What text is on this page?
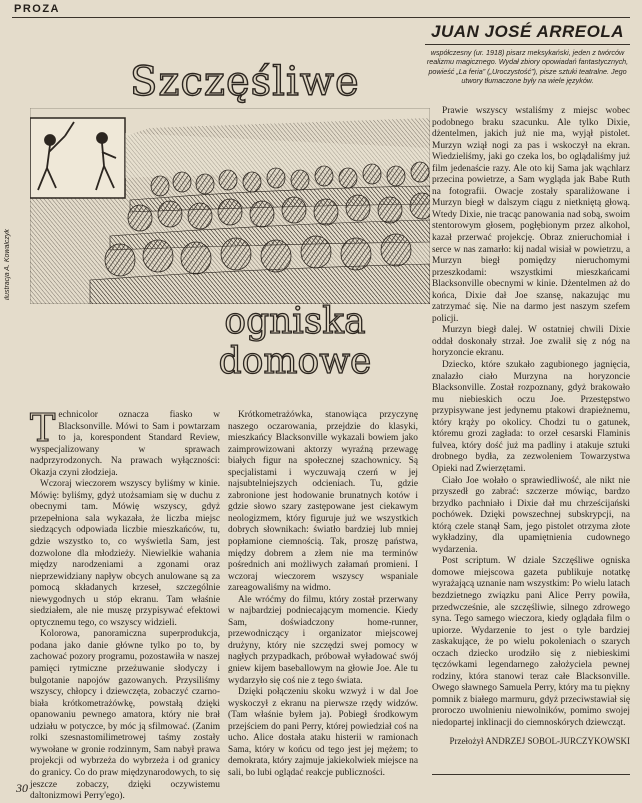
PROZA
JUAN JOSÉ ARREOLA
współczesny (ur. 1918) pisarz meksykański, jeden z twórców realizmu magicznego. Wydał zbiory opowiadań fantastycznych, powieść „La feria” („Uroczystość”), pisze sztuki teatralne. Jego utwory tłumaczone były na wiele języków.
Szczęśliwe
ilustracja A. Kowalczyk
ogniska domowe

Technicolor oznacza fiasko w Blacksonville. Mówi to Sam i powtarzam to ja, korespondent Standard Review, wyspecjalizowany w sprawach nadprzyrodzonych. Na prawach wyłączności: Okazja czyni złodzieja.

Wczoraj wieczorem wszyscy byliśmy w kinie. Mówię: byliśmy, gdyż utożsamiam się w duchu z obecnymi tam. Mówię wszyscy, gdyż przepełniona sala wykazała, że liczba miejsc siedzących odpowiada liczbie mieszkańców, tu, gdzie wszystko to, co wyświetla Sam, jest dozwolone dla młodzieży. Niewielkie wahania między narodzeniami a zgonami oraz nieprzewidziany napływ obcych anulowane są za pomocą składanych krzeseł, szczególnie niewygodnych u stóp ekranu. Tam właśnie siedziałem, ale nie muszę przypisywać efektowi optycznemu tego, co wszyscy widzieli.

Kolorowa, panoramiczna superprodukcja, podana jako danie główne tylko po to, by zachować pozory programu, pozostawiła w naszej pamięci rytmiczne przeżuwanie słodyczy i bulgotanie napojów gazowanych. Przysiliśmy wszyscy, chłopcy i dziewczęta, zobaczyć czarno-biała krótkometrażówkę, powstałą dzięki opanowaniu pewnego amatora, który nie brał udziału w potyczce, by móc ją sfilmować. (Zanim rolki szesnastomilimetrowej taśmy zostały wywołane w gronie rodzinnym, Sam nabył prawa projekcji od wybrzeża do wybrzeża i od granicy do granicy. Co do praw międzynarodowych, to się jeszcze zobaczy, dzięki oczywistemu daltonizmowi Perry'ego).

Krótkometrażówka, stanowiąca przyczynę naszego oczarowania, przejdzie do klasyki, mieszkańcy Blacksonville wykazali bowiem jako zaimprowizowani aktorzy wyraźną przewagę białych figur na społecznej szachownicy. Są specjalistami i wyczuwają czerń w jej najsubtelniejszych odcieniach. Tu, gdzie zabronione jest hodowanie brunatnych kotów i gdzie słowo szary zastępowane jest ciekawym neologizmem, który figuruje już we wszystkich dobrych słownikach: światło bardziej lub mniej popłamione ciemnością. Tak, proszę państwa, między dobrem a złem nie ma terminów pośrednich ani możliwych załamań promieni. I wczoraj wieczorem wszyscy wspaniale zareagowaliśmy na widmo.

Ale wróćmy do filmu, który został przerwany w najbardziej podniecającym momencie. Kiedy Sam, doświadczony home-runner, przewodniczący i organizator miejscowej drużyny, który nie szczędzi swej pomocy w nagłych przypadkach, próbował wyładować swój gniew kijem baseballowym na głowie Joe. Ale tu wydarzyło się coś nie z tego świata.

Dzięki połączeniu skoku wzwyż i w dal Joe wyskoczył z ekranu na pierwsze rzędy widzów. (Tam właśnie byłem ja). Pobiegł środkowym przejściem do pani Perry, której powiedział coś na ucho. Alice dostała ataku histerii w ramionach Sama, który w końcu od tego jest jej mężem; to demokrata, który zajmuje jakiekolwiek miejsce na sali, bo lubi oglądać reakcje publiczności.

Prawie wszyscy wstaliśmy z miejsc wobec podobnego braku szacunku. Ale tylko Dixie, dżentelmen, jakich już nie ma, wyjął pistolet. Murzyn wziął nogi za pas i wskoczył na ekran. Wiedzieliśmy, jaki go czeka los, bo oglądaliśmy już film jedenaście razy. Ale oto kij Sama jak wąchlarz przecina powietrze, a Sam wygląda jak Babe Ruth na fotografii. Owacje zostały sparaliżowane i Murzyn biegł w dalszym ciągu z nietkniętą głową. Wtedy Dixie, nie tracąc panowania nad sobą, swoim stentorowym głosem, pogłębionym przez alkohol, kazał przerwać projekcję. Obraz znieruchomiał i serce w nas zamarło: kij nadal wisiał w powietrzu, a Murzyn biegł pomiędzy nieruchomymi przeszkodami: wszystkimi mieszkańcami Blacksonville obecnymi w kinie. Dżentelmen aż do końca, Dixie dał Joe szansę, nakazując mu zatrzymać się. Nie na darmo jest naszym szefem policji.

Murzyn biegł dalej. W ostatniej chwili Dixie oddał doskonały strzał. Joe zwalił się z nóg na horyzoncie ekranu.

Dziecko, które szukało zagubionego jagnięcia, znalazło ciało Murzyna na horyzoncie Blacksonville. Został rozpoznany, gdyż brakowało mu niebieskich oczu Joe. Przestępstwo przypisywane jest jedynemu ptakowi drapieżnemu, który krąży po okolicy. Chodzi tu o gatunek, któremu grozi zagłada: to orzeł cesarski Flaminis fulvea, który dość już ma padliny i atakuje sztuki drobnego bydła, za zezwoleniem Towarzystwa Opieki nad Zwierzętami.

Ciało Joe wołało o sprawiedliwość, ale nikt nie przyszedł go zabrać: szczerze mówiąc, bardzo brzydko pachniało i Dixie dał mu chrześcijański pochówek. Dzięki powszechnej subskrypcji, na którą czele stanął Sam, jego pistolet otrzyma złote wykładziny, dla upamiętnienia cudownego wydarzenia.

Post scriptum. W dziale Szczęśliwe ogniska domowe miejscowa gazeta publikuje notatkę wyrażającą uznanie nam wszystkim: Po wielu latach bezdzietnego związku pani Alice Perry powiła, przedwcześnie, ale szczęśliwie, silnego zdrowego syna. Tego samego wieczora, kiedy oglądała film o upiorze. Wydarzenie to jest o tyle bardziej zaskakujące, że po wielu pokoleniach o szarych oczach dziecko urodziło się z niebieskimi tęczówkami legendarnego założyciela pewnej rodziny, która stanowi teraz całe Blacksonville. Owego sławnego Samuela Perry, który ma tu piękny pomnik z białego marmuru, gdyż przeciwstawiał się proroczo uwolnieniu niewolników, pomimo swojej niedopartej inklinacji do ciemnoskórych dziewcząt.

Przełożył ANDRZEJ SOBOL-JURCZYKOWSKI
30
